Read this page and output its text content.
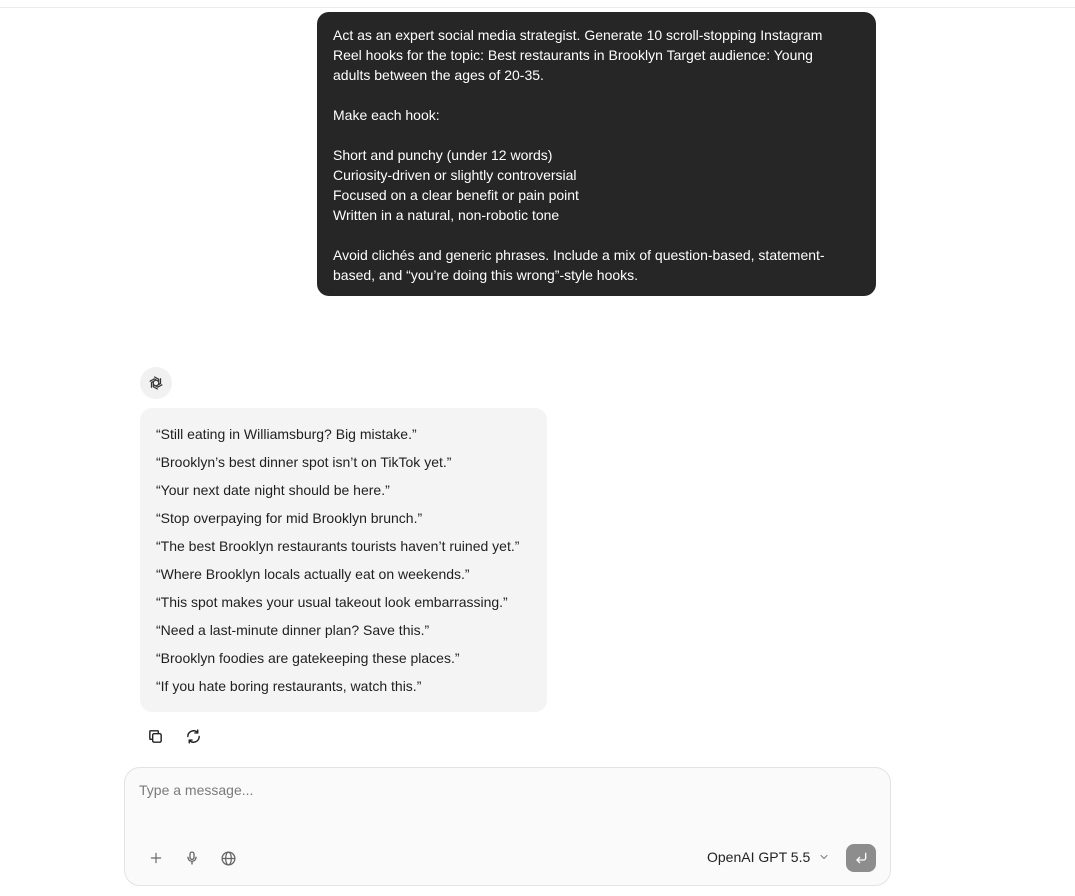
Act as an expert social media strategist. Generate 10 scroll-stopping Instagram
Reel hooks for the topic: Best restaurants in Brooklyn Target audience: Young
adults between the ages of 20-35.
Make each hook:
Short and punchy (under 12 words)
Curiosity-driven or slightly controversial
Focused on a clear benefit or pain point
Written in a natural, non-robotic tone
Avoid clichés and generic phrases. Include a mix of question-based, statement-
based, and “you’re doing this wrong”-style hooks.
“Still eating in Williamsburg? Big mistake.”
“Brooklyn’s best dinner spot isn’t on TikTok yet.”
“Your next date night should be here.”
“Stop overpaying for mid Brooklyn brunch.”
“The best Brooklyn restaurants tourists haven’t ruined yet.”
“Where Brooklyn locals actually eat on weekends.”
“This spot makes your usual takeout look embarrassing.”
“Need a last-minute dinner plan? Save this.”
“Brooklyn foodies are gatekeeping these places.”
“If you hate boring restaurants, watch this.”
Type a message...
OpenAI GPT 5.5
